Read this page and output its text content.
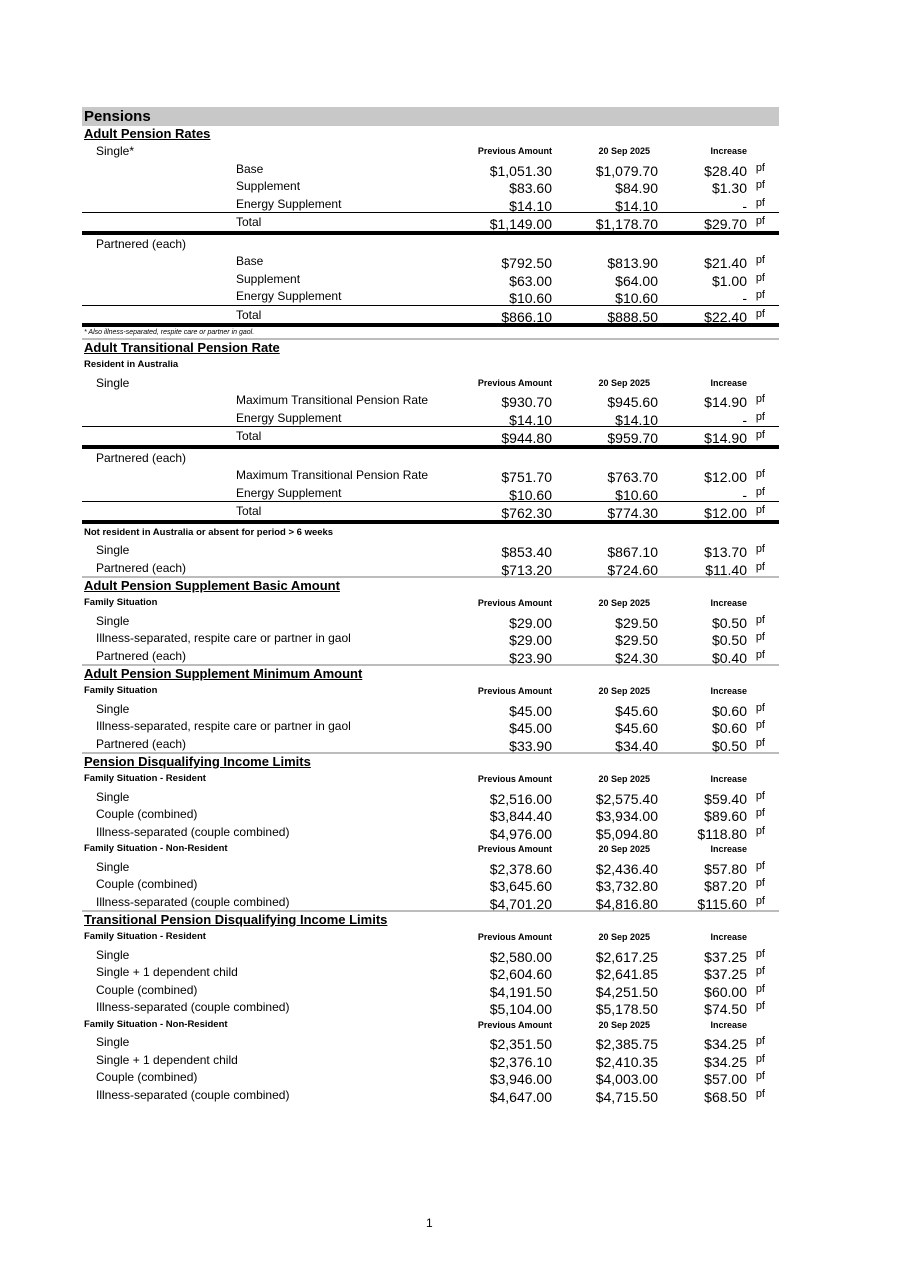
Pensions
Adult Pension Rates
Single*	Previous Amount	20 Sep 2025	Increase
Base	$1,051.30	$1,079.70	$28.40 pf
Supplement	$83.60	$84.90	$1.30 pf
Energy Supplement	$14.10	$14.10	- pf
Total	$1,149.00	$1,178.70	$29.70 pf
Partnered (each)
Base	$792.50	$813.90	$21.40 pf
Supplement	$63.00	$64.00	$1.00 pf
Energy Supplement	$10.60	$10.60	- pf
Total	$866.10	$888.50	$22.40 pf
* Also illness-separated, respite care or partner in gaol.
Adult Transitional Pension Rate
Resident in Australia
Single	Previous Amount	20 Sep 2025	Increase
Maximum Transitional Pension Rate	$930.70	$945.60	$14.90 pf
Energy Supplement	$14.10	$14.10	- pf
Total	$944.80	$959.70	$14.90 pf
Partnered (each)
Maximum Transitional Pension Rate	$751.70	$763.70	$12.00 pf
Energy Supplement	$10.60	$10.60	- pf
Total	$762.30	$774.30	$12.00 pf
Not resident in Australia or absent for period > 6 weeks
Single	$853.40	$867.10	$13.70 pf
Partnered (each)	$713.20	$724.60	$11.40 pf
Adult Pension Supplement Basic Amount
Family Situation	Previous Amount	20 Sep 2025	Increase
Single	$29.00	$29.50	$0.50 pf
Illness-separated, respite care or partner in gaol	$29.00	$29.50	$0.50 pf
Partnered (each)	$23.90	$24.30	$0.40 pf
Adult Pension Supplement Minimum Amount
Family Situation	Previous Amount	20 Sep 2025	Increase
Single	$45.00	$45.60	$0.60 pf
Illness-separated, respite care or partner in gaol	$45.00	$45.60	$0.60 pf
Partnered (each)	$33.90	$34.40	$0.50 pf
Pension Disqualifying Income Limits
Family Situation - Resident	Previous Amount	20 Sep 2025	Increase
Single	$2,516.00	$2,575.40	$59.40 pf
Couple (combined)	$3,844.40	$3,934.00	$89.60 pf
Illness-separated (couple combined)	$4,976.00	$5,094.80	$118.80 pf
Family Situation - Non-Resident	Previous Amount	20 Sep 2025	Increase
Single	$2,378.60	$2,436.40	$57.80 pf
Couple (combined)	$3,645.60	$3,732.80	$87.20 pf
Illness-separated (couple combined)	$4,701.20	$4,816.80	$115.60 pf
Transitional Pension Disqualifying Income Limits
Family Situation - Resident	Previous Amount	20 Sep 2025	Increase
Single	$2,580.00	$2,617.25	$37.25 pf
Single + 1 dependent child	$2,604.60	$2,641.85	$37.25 pf
Couple (combined)	$4,191.50	$4,251.50	$60.00 pf
Illness-separated (couple combined)	$5,104.00	$5,178.50	$74.50 pf
Family Situation - Non-Resident	Previous Amount	20 Sep 2025	Increase
Single	$2,351.50	$2,385.75	$34.25 pf
Single + 1 dependent child	$2,376.10	$2,410.35	$34.25 pf
Couple (combined)	$3,946.00	$4,003.00	$57.00 pf
Illness-separated (couple combined)	$4,647.00	$4,715.50	$68.50 pf
1
